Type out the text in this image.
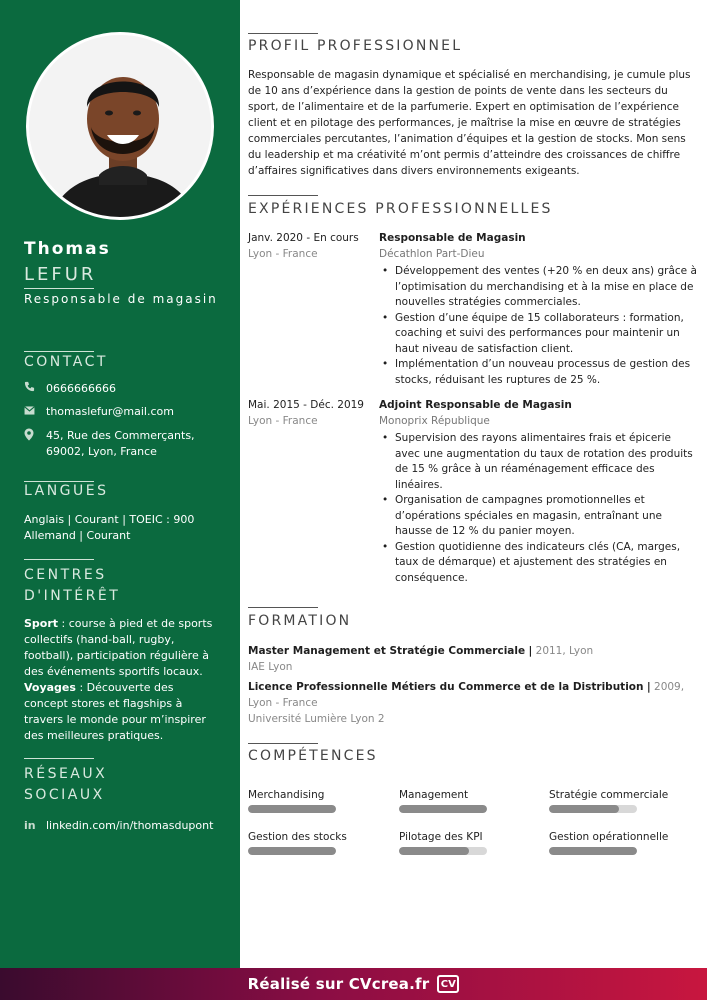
Thomas
LEFUR
Responsable de magasin
CONTACT
0666666666
thomaslefur@mail.com
45, Rue des Commerçants,
69002, Lyon, France
LANGUES
Anglais | Courant | TOEIC : 900
Allemand | Courant
CENTRES
D'INTÉRÊT
Sport : course à pied et de sports collectifs (hand-ball, rugby, football), participation régulière à des événements sportifs locaux.
Voyages : Découverte des concept stores et flagships à travers le monde pour m’inspirer des meilleures pratiques.
RÉSEAUX
SOCIAUX
in linkedin.com/in/thomasdupont
PROFIL PROFESSIONNEL
Responsable de magasin dynamique et spécialisé en merchandising, je cumule plus de 10 ans d’expérience dans la gestion de points de vente dans les secteurs du sport, de l’alimentaire et de la parfumerie. Expert en optimisation de l’expérience client et en pilotage des performances, je maîtrise la mise en œuvre de stratégies commerciales percutantes, l’animation d’équipes et la gestion de stocks. Mon sens du leadership et ma créativité m’ont permis d’atteindre des croissances de chiffre d’affaires significatives dans divers environnements exigeants.
EXPÉRIENCES PROFESSIONNELLES
Janv. 2020 - En cours
Lyon - France
Responsable de Magasin
Décathlon Part-Dieu
• Développement des ventes (+20 % en deux ans) grâce à l’optimisation du merchandising et à la mise en place de nouvelles stratégies commerciales.
• Gestion d’une équipe de 15 collaborateurs : formation, coaching et suivi des performances pour maintenir un haut niveau de satisfaction client.
• Implémentation d’un nouveau processus de gestion des stocks, réduisant les ruptures de 25 %.
Mai. 2015 - Déc. 2019
Lyon - France
Adjoint Responsable de Magasin
Monoprix République
• Supervision des rayons alimentaires frais et épicerie avec une augmentation du taux de rotation des produits de 15 % grâce à un réaménagement efficace des linéaires.
• Organisation de campagnes promotionnelles et d’opérations spéciales en magasin, entraînant une hausse de 12 % du panier moyen.
• Gestion quotidienne des indicateurs clés (CA, marges, taux de démarque) et ajustement des stratégies en conséquence.
FORMATION
Master Management et Stratégie Commerciale | 2011, Lyon
IAE Lyon
Licence Professionnelle Métiers du Commerce et de la Distribution | 2009, Lyon - France
Université Lumière Lyon 2
COMPÉTENCES
Merchandising	Management	Stratégie commerciale
Gestion des stocks	Pilotage des KPI	Gestion opérationnelle
Réalisé sur CVcrea.fr	CV
